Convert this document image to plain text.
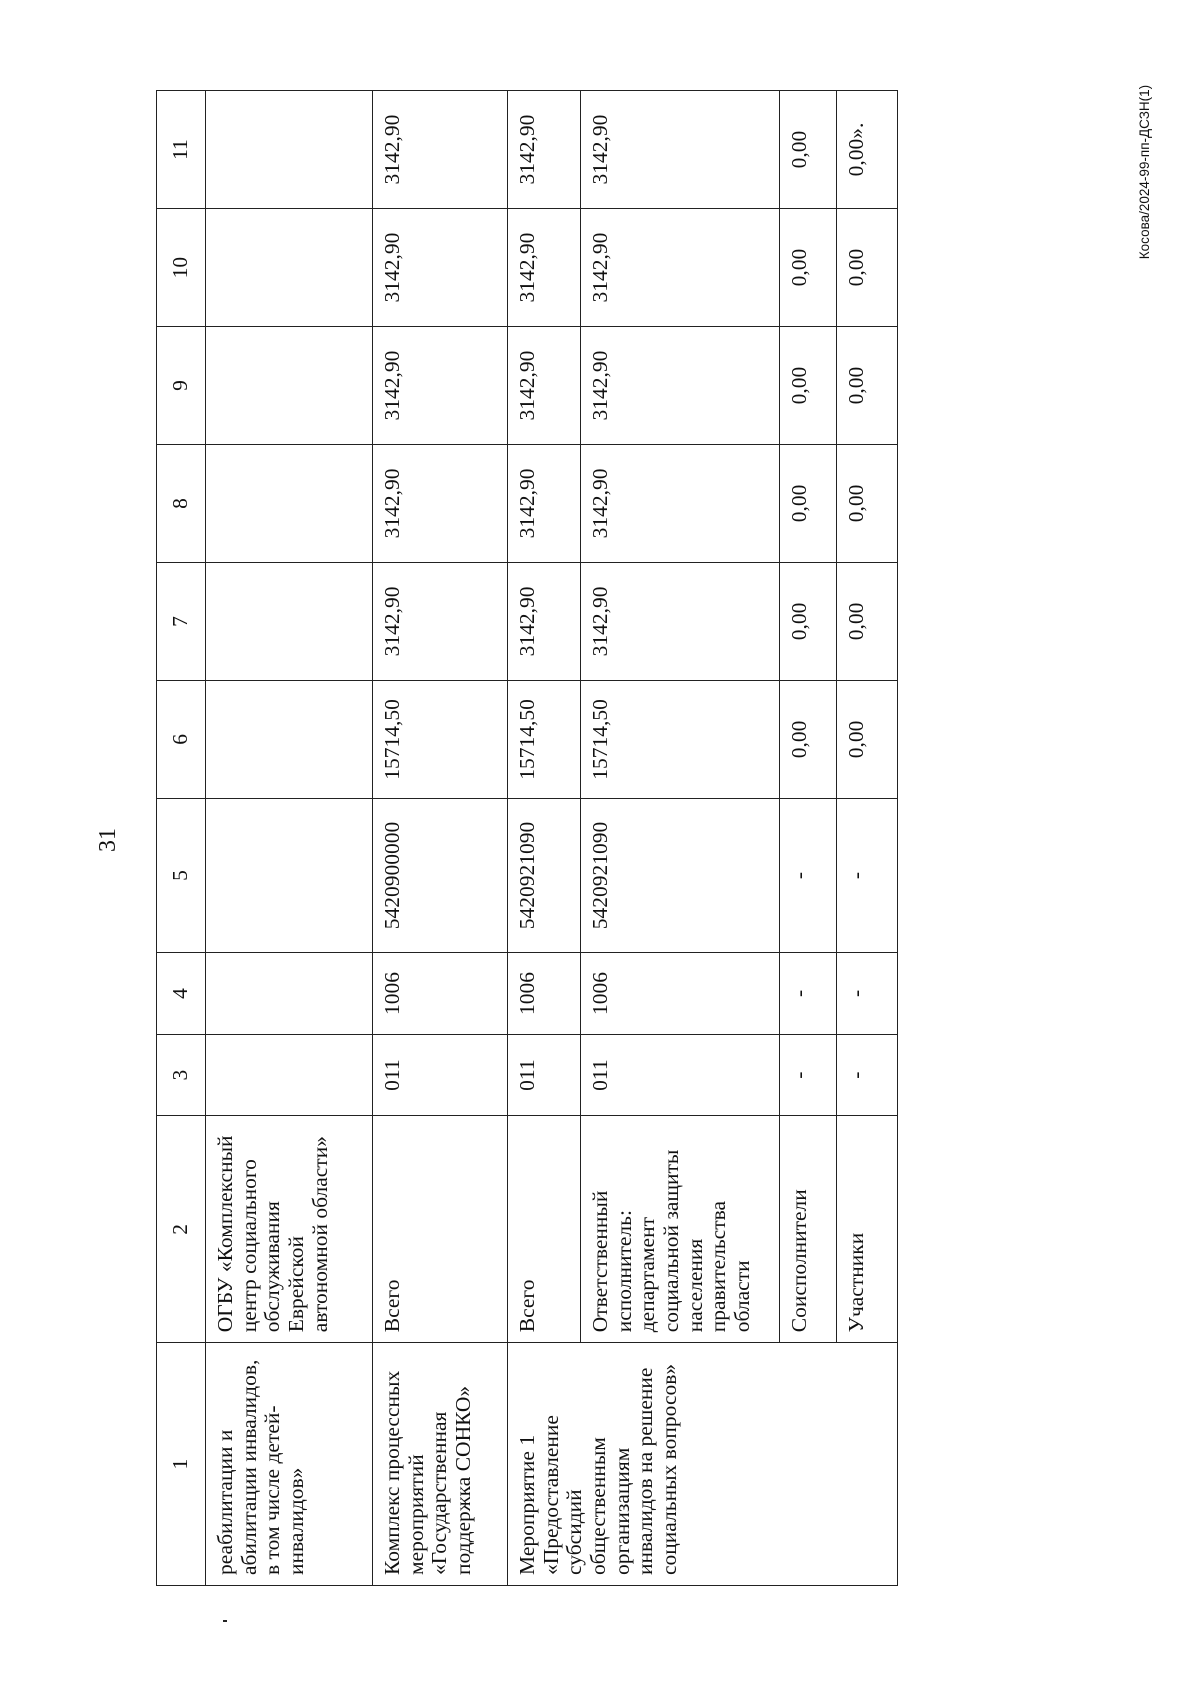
31
Косова/2024-99-пп-ДСЗН(1)
1	2	3	4	5	6	7	8	9	10	11
реабилитации и абилитации инвалидов, в том числе детей-инвалидов»	ОГБУ «Комплексный центр социального обслуживания Еврейской автономной области»									
Комплекс процессных мероприятий «Государственная поддержка СОНКО»	Всего	011	1006	5420900000	15714,50	3142,90	3142,90	3142,90	3142,90	3142,90
Мероприятие 1 «Предоставление субсидий общественным организациям инвалидов на решение социальных вопросов»	Всего	011	1006	5420921090	15714,50	3142,90	3142,90	3142,90	3142,90	3142,90
	Ответственный исполнитель: департамент социальной защиты населения правительства области	011	1006	5420921090	15714,50	3142,90	3142,90	3142,90	3142,90	3142,90
	Соисполнители	-	-	-	0,00	0,00	0,00	0,00	0,00	0,00
	Участники	-	-	-	0,00	0,00	0,00	0,00	0,00	0,00».
